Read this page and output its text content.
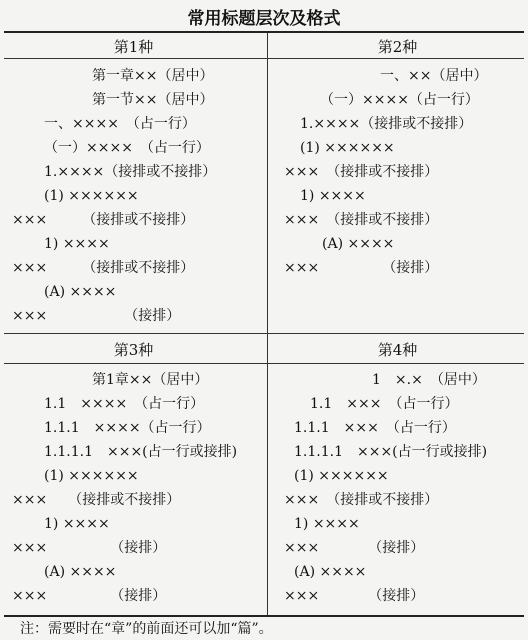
常用标题层次及格式
第1种
第一章××（居中）
第一节××（居中）
一、××××　（占一行）
（一）××××　（占一行）
1.××××（接排或不接排）
(1) ××××××
×××　　　（接排或不接排）
1) ××××
×××　　　（接排或不接排）
(A) ××××
×××　　　　　　（接排）
第2种
一、××（居中）
（一）××××（占一行）
1.××××（接排或不接排）
(1) ××××××
×××　（接排或不接排）
1) ××××
×××　（接排或不接排）
(A) ××××
×××　　　　　（接排）
第3种
第1章××（居中）
1.1　××××　（占一行）
1.1.1　××××（占一行）
1.1.1.1　×××(占一行或接排)
(1) ××××××
×××　　（接排或不接排）
1) ××××
×××　　　　　（接排）
(A) ××××
×××　　　　　（接排）
第4种
1　×.×　（居中）
1.1　×××　（占一行）
1.1.1　×××　（占一行）
1.1.1.1　×××(占一行或接排)
(1) ××××××
×××　（接排或不接排）
1) ××××
×××　　　　（接排）
(A) ××××
×××　　　　（接排）
注：需要时在“章”的前面还可以加“篇”。
